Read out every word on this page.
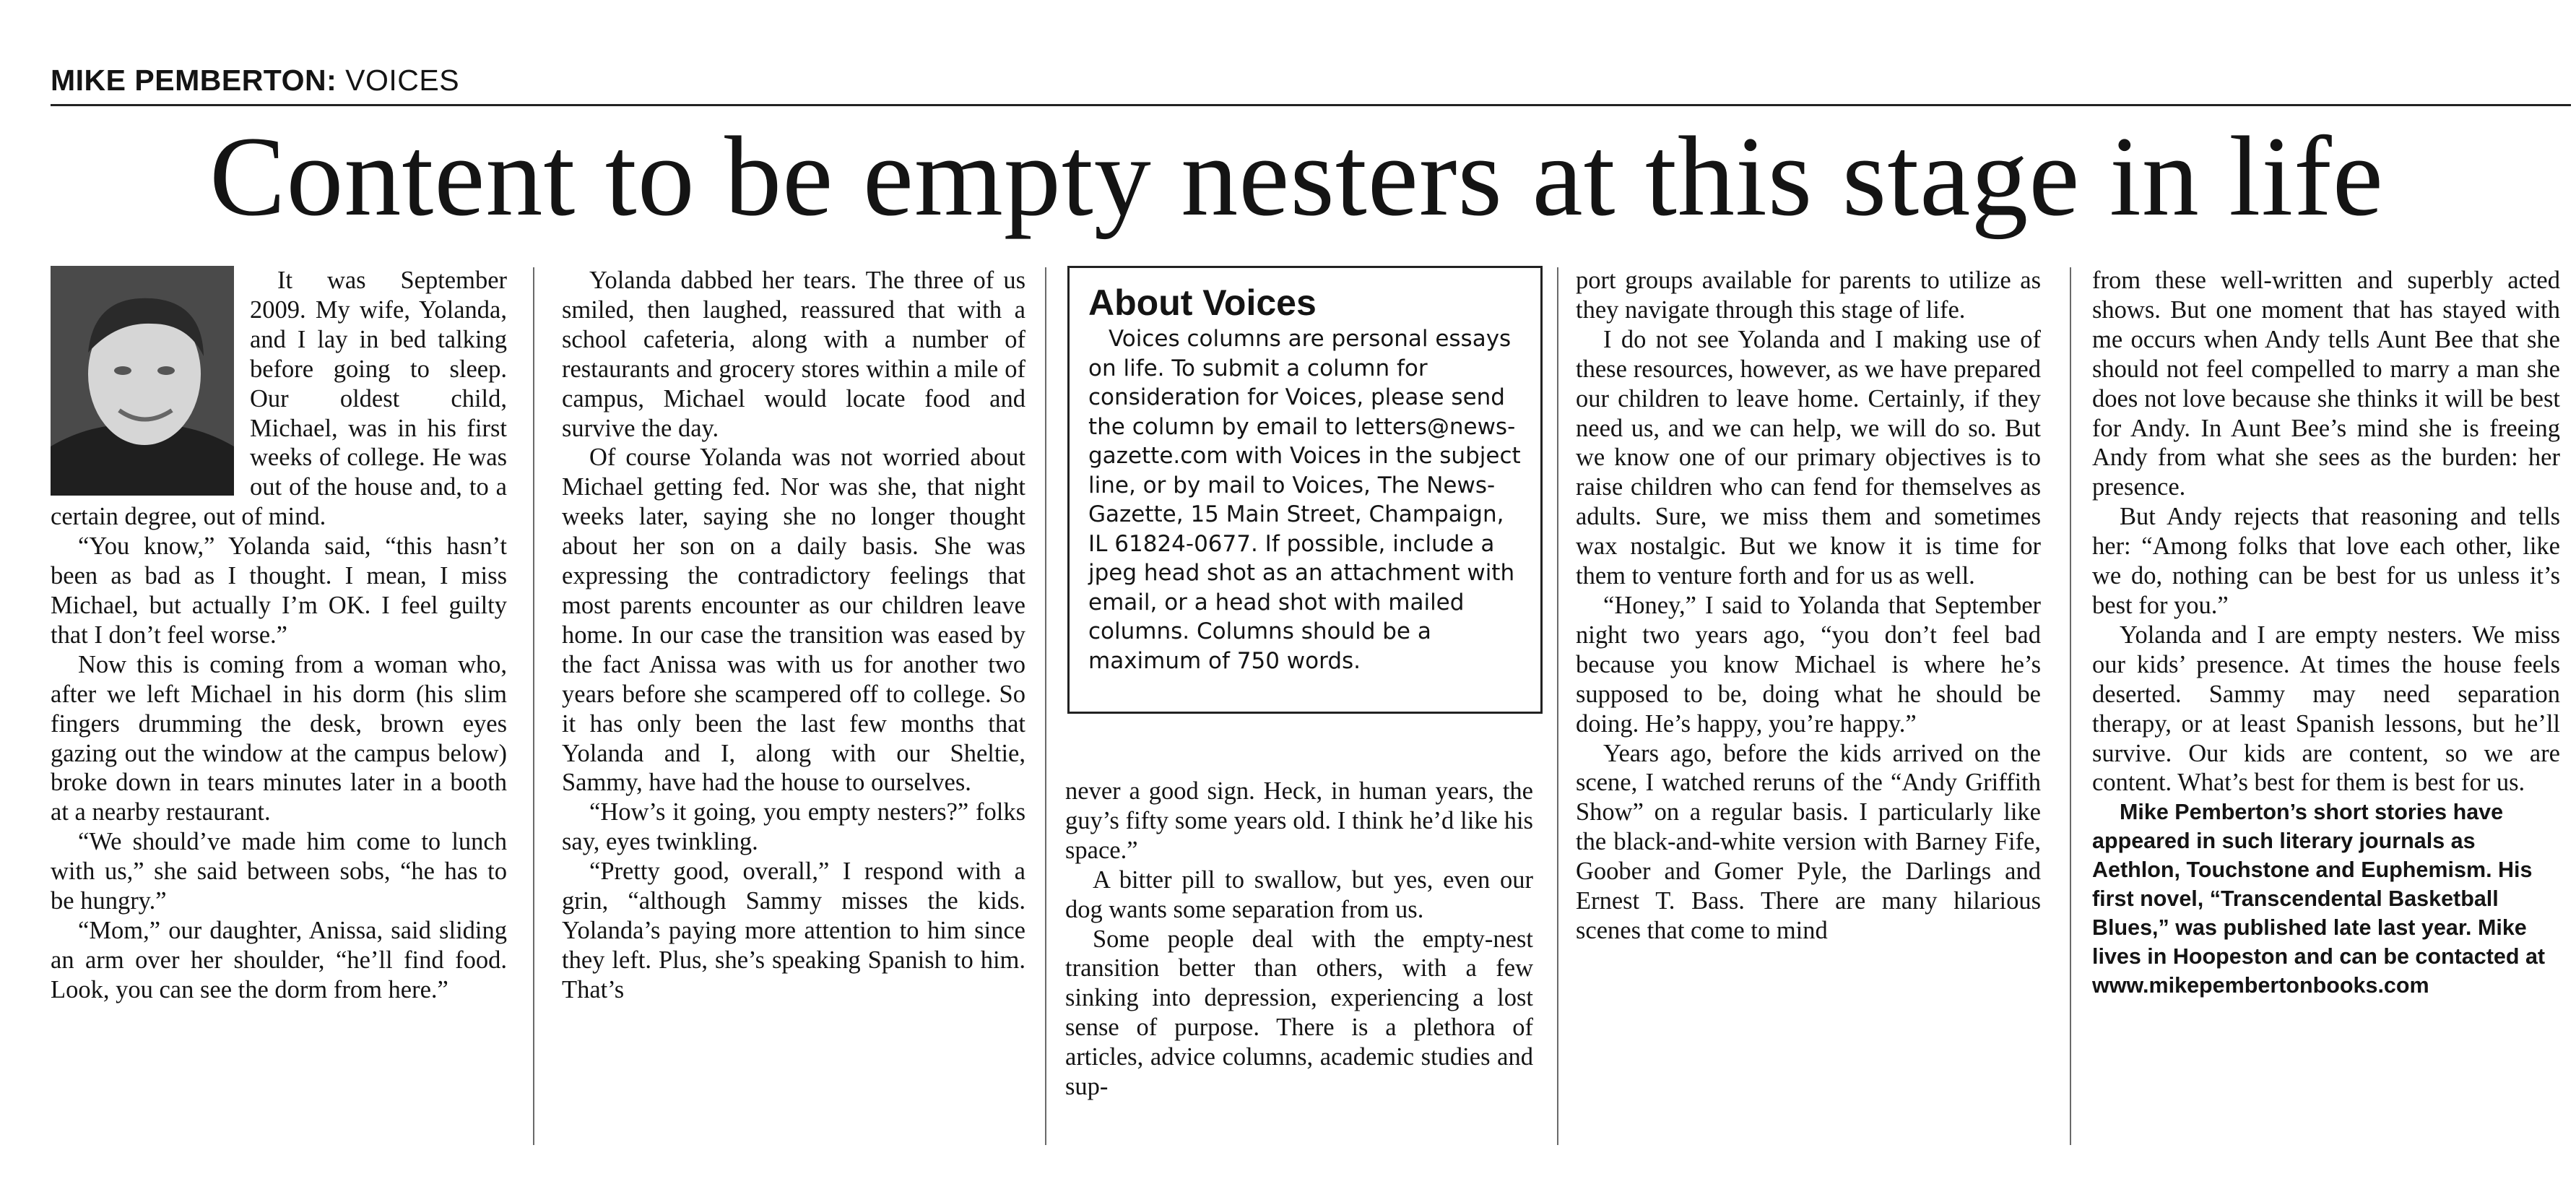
MIKE PEMBERTON: VOICES
Content to be empty nesters at this stage in life

It was September 2009. My wife, Yolanda, and I lay in bed talking before going to sleep. Our oldest child, Michael, was in his first weeks of college. He was out of the house and, to a certain degree, out of mind.

“You know,” Yolanda said, “this hasn’t been as bad as I thought. I mean, I miss Michael, but actually I’m OK. I feel guilty that I don’t feel worse.”

Now this is coming from a woman who, after we left Michael in his dorm (his slim fingers drumming the desk, brown eyes gazing out the window at the campus below) broke down in tears minutes later in a booth at a nearby restaurant.

“We should’ve made him come to lunch with us,” she said between sobs, “he has to be hungry.”

“Mom,” our daughter, Anissa, said sliding an arm over her shoulder, “he’ll find food. Look, you can see the dorm from here.”

Yolanda dabbed her tears. The three of us smiled, then laughed, reassured that with a school cafeteria, along with a number of restaurants and grocery stores within a mile of campus, Michael would locate food and survive the day.

Of course Yolanda was not worried about Michael getting fed. Nor was she, that night weeks later, saying she no longer thought about her son on a daily basis. She was expressing the contradictory feelings that most parents encounter as our children leave home. In our case the transition was eased by the fact Anissa was with us for another two years before she scampered off to college. So it has only been the last few months that Yolanda and I, along with our Sheltie, Sammy, have had the house to ourselves.

“How’s it going, you empty nesters?” folks say, eyes twinkling.

“Pretty good, overall,” I respond with a grin, “although Sammy misses the kids. Yolanda’s paying more attention to him since they left. Plus, she’s speaking Spanish to him. That’s

About Voices

Voices columns are personal essays on life. To submit a column for consideration for Voices, please send the column by email to letters@news-gazette.com with Voices in the subject line, or by mail to Voices, The News-Gazette, 15 Main Street, Champaign, IL 61824-0677. If possible, include a jpeg head shot as an attachment with email, or a head shot with mailed columns. Columns should be a maximum of 750 words.

never a good sign. Heck, in human years, the guy’s fifty some years old. I think he’d like his space.”

A bitter pill to swallow, but yes, even our dog wants some separation from us.

Some people deal with the empty-nest transition better than others, with a few sinking into depression, experiencing a lost sense of purpose. There is a plethora of articles, advice columns, academic studies and sup-

port groups available for parents to utilize as they navigate through this stage of life.

I do not see Yolanda and I making use of these resources, however, as we have prepared our children to leave home. Certainly, if they need us, and we can help, we will do so. But we know one of our primary objectives is to raise children who can fend for themselves as adults. Sure, we miss them and sometimes wax nostalgic. But we know it is time for them to venture forth and for us as well.

“Honey,” I said to Yolanda that September night two years ago, “you don’t feel bad because you know Michael is where he’s supposed to be, doing what he should be doing. He’s happy, you’re happy.”

Years ago, before the kids arrived on the scene, I watched reruns of the “Andy Griffith Show” on a regular basis. I particularly like the black-and-white version with Barney Fife, Goober and Gomer Pyle, the Darlings and Ernest T. Bass. There are many hilarious scenes that come to mind

from these well-written and superbly acted shows. But one moment that has stayed with me occurs when Andy tells Aunt Bee that she should not feel compelled to marry a man she does not love because she thinks it will be best for Andy. In Aunt Bee’s mind she is freeing Andy from what she sees as the burden: her presence.

But Andy rejects that reasoning and tells her: “Among folks that love each other, like we do, nothing can be best for us unless it’s best for you.”

Yolanda and I are empty nesters. We miss our kids’ presence. At times the house feels deserted. Sammy may need separation therapy, or at least Spanish lessons, but he’ll survive. Our kids are content, so we are content. What’s best for them is best for us.

Mike Pemberton’s short stories have appeared in such literary journals as Aethlon, Touchstone and Euphemism. His first novel, “Transcendental Basketball Blues,” was published late last year. Mike lives in Hoopeston and can be contacted at www.mikepembertonbooks.com
